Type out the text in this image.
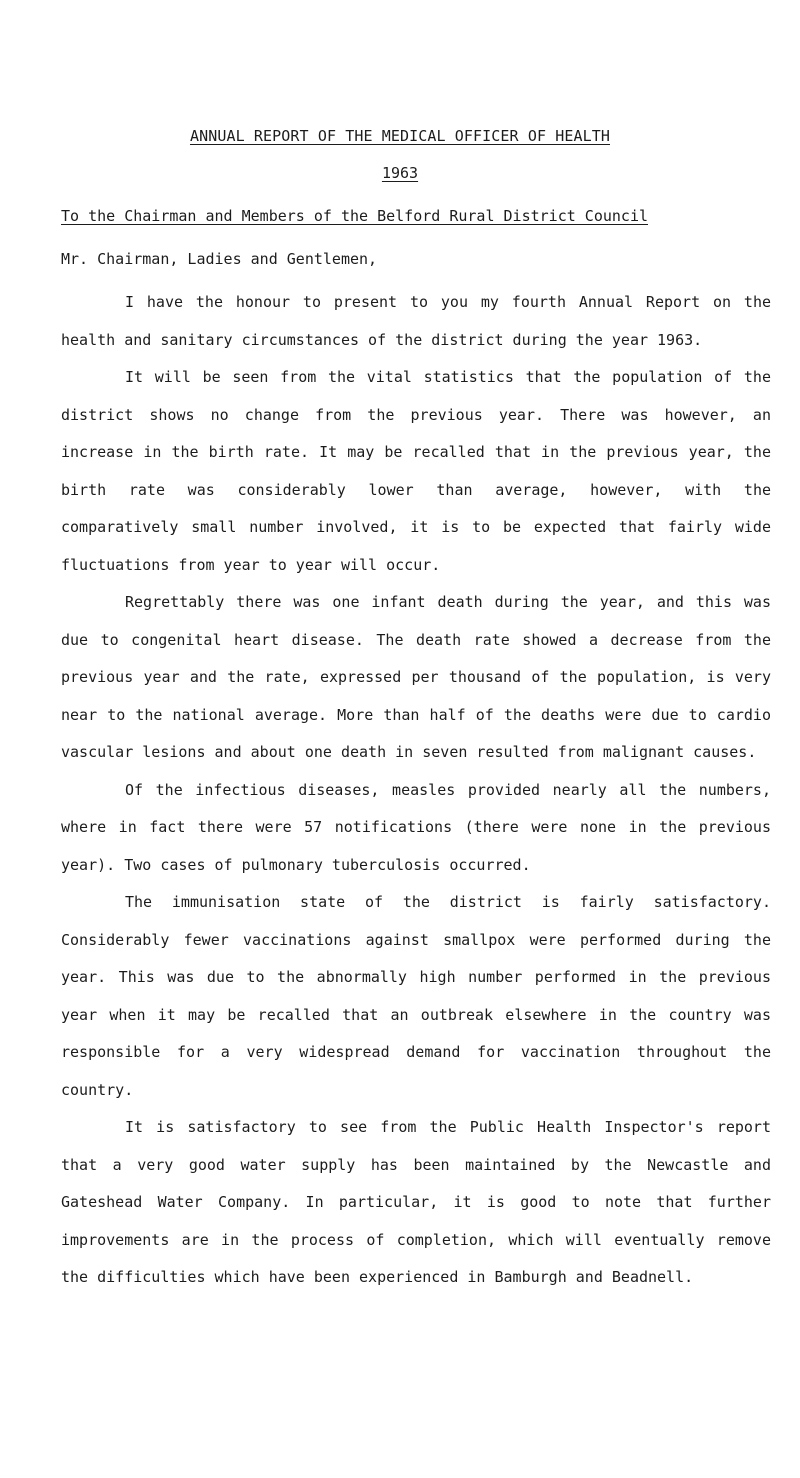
ANNUAL REPORT OF THE MEDICAL OFFICER OF HEALTH
1963
To the Chairman and Members of the Belford Rural District Council
Mr. Chairman, Ladies and Gentlemen,

I have the honour to present to you my fourth Annual Report on the health and sanitary circumstances of the district during the year 1963.

It will be seen from the vital statistics that the population of the district shows no change from the previous year. There was however, an increase in the birth rate. It may be recalled that in the previous year, the birth rate was considerably lower than average, however, with the comparatively small number involved, it is to be expected that fairly wide fluctuations from year to year will occur.

Regrettably there was one infant death during the year, and this was due to congenital heart disease. The death rate showed a decrease from the previous year and the rate, expressed per thousand of the population, is very near to the national average. More than half of the deaths were due to cardio vascular lesions and about one death in seven resulted from malignant causes.

Of the infectious diseases, measles provided nearly all the numbers, where in fact there were 57 notifications (there were none in the previous year). Two cases of pulmonary tuberculosis occurred.

The immunisation state of the district is fairly satisfactory. Considerably fewer vaccinations against smallpox were performed during the year. This was due to the abnormally high number performed in the previous year when it may be recalled that an outbreak elsewhere in the country was responsible for a very widespread demand for vaccination throughout the country.

It is satisfactory to see from the Public Health Inspector's report that a very good water supply has been maintained by the Newcastle and Gateshead Water Company. In particular, it is good to note that further improvements are in the process of completion, which will eventually remove the difficulties which have been experienced in Bamburgh and Beadnell.
